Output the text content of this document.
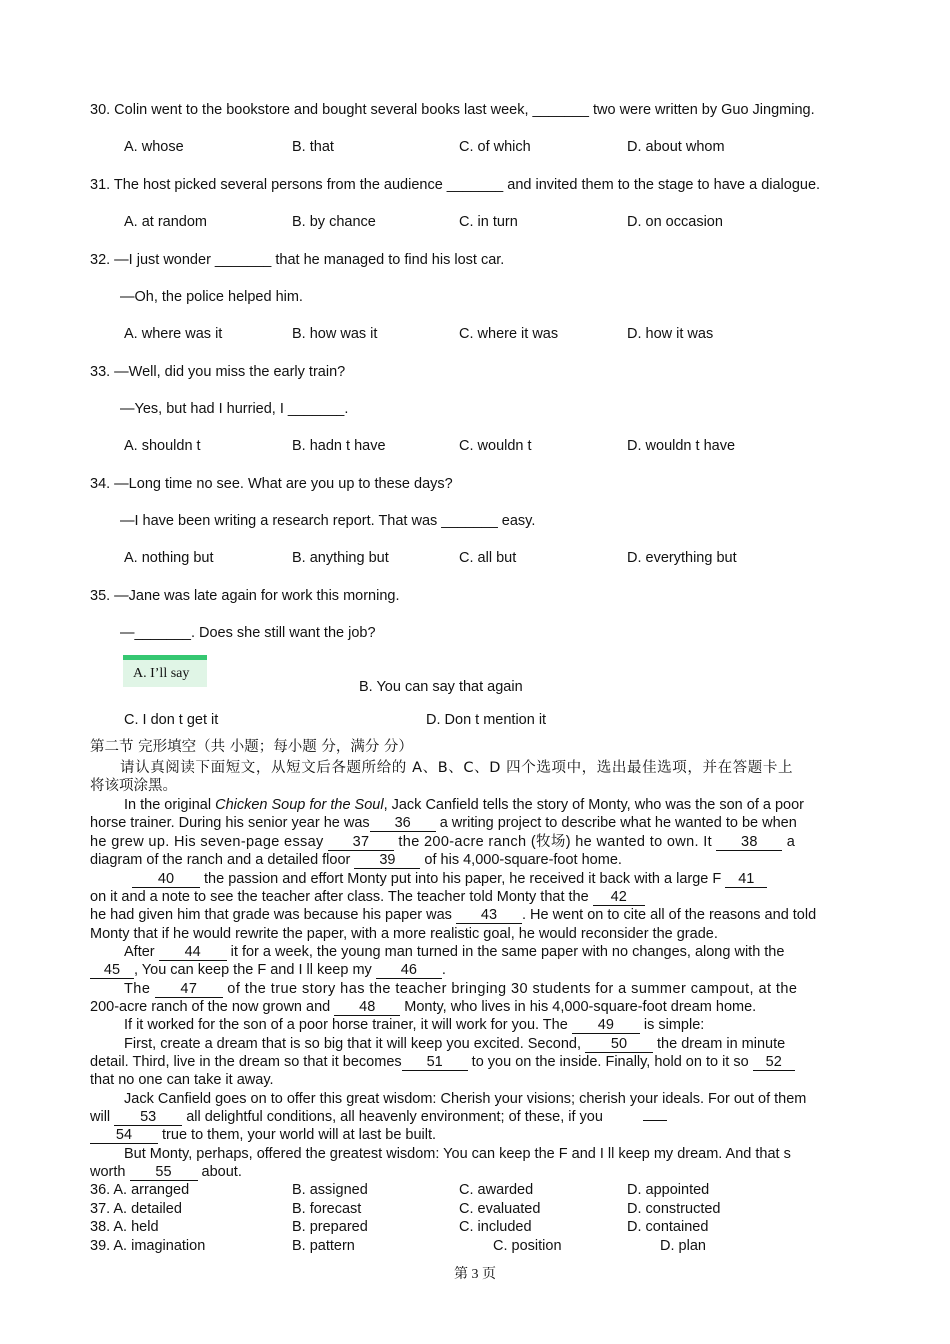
30. Colin went to the bookstore and bought several books last week, _______ two were written by Guo Jingming.
A. whose	B. that	C. of which	D. about whom
31. The host picked several persons from the audience _______ and invited them to the stage to have a dialogue.
A. at random	B. by chance	C. in turn	D. on occasion
32. —I just wonder _______ that he managed to find his lost car.
—Oh, the police helped him.
A. where was it	B. how was it	C. where it was	D. how it was
33. —Well, did you miss the early train?
—Yes, but had I hurried, I _______.
A. shouldn t	B. hadn t have	C. wouldn t	D. wouldn t have
34. —Long time no see. What are you up to these days?
—I have been writing a research report. That was _______ easy.
A. nothing but	B. anything but	C. all but	D. everything but
35. —Jane was late again for work this morning.
—_______. Does she still want the job?
A. I’ll say
B. You can say that again
C. I don t get it	D. Don t mention it
第二节 完形填空（共 小题；每小题 分，满分 分）
请认真阅读下面短文，从短文后各题所给的 A、B、C、D 四个选项中，选出最佳选项，并在答题卡上
将该项涂黑。
In the original Chicken Soup for the Soul, Jack Canfield tells the story of Monty, who was the son of a poor
horse trainer. During his senior year he was 36 a writing project to describe what he wanted to be when
he grew up. His seven-page essay 37 the 200-acre ranch (牧场) he wanted to own. It 38 a
diagram of the ranch and a detailed floor 39 of his 4,000-square-foot home.
40 the passion and effort Monty put into his paper, he received it back with a large F 41
on it and a note to see the teacher after class. The teacher told Monty that the 42
he had given him that grade was because his paper was 43 . He went on to cite all of the reasons and told
Monty that if he would rewrite the paper, with a more realistic goal, he would reconsider the grade.
After 44 it for a week, the young man turned in the same paper with no changes, along with the
45 , You can keep the F and I ll keep my 46 .
The 47 of the true story has the teacher bringing 30 students for a summer campout, at the
200-acre ranch of the now grown and 48 Monty, who lives in his 4,000-square-foot dream home.
If it worked for the son of a poor horse trainer, it will work for you. The 49 is simple:
First, create a dream that is so big that it will keep you excited. Second, 50 the dream in minute
detail. Third, live in the dream so that it becomes 51 to you on the inside. Finally, hold on to it so 52
that no one can take it away.
Jack Canfield goes on to offer this great wisdom: Cherish your visions; cherish your ideals. For out of them
will 53 all delightful conditions, all heavenly environment; of these, if you
54 true to them, your world will at last be built.
But Monty, perhaps, offered the greatest wisdom: You can keep the F and I ll keep my dream. And that s
worth 55 about.
36. A. arranged	B. assigned	C. awarded	D. appointed
37. A. detailed	B. forecast	C. evaluated	D. constructed
38. A. held	B. prepared	C. included	D. contained
39. A. imagination	B. pattern	C. position	D. plan
第 3 页
